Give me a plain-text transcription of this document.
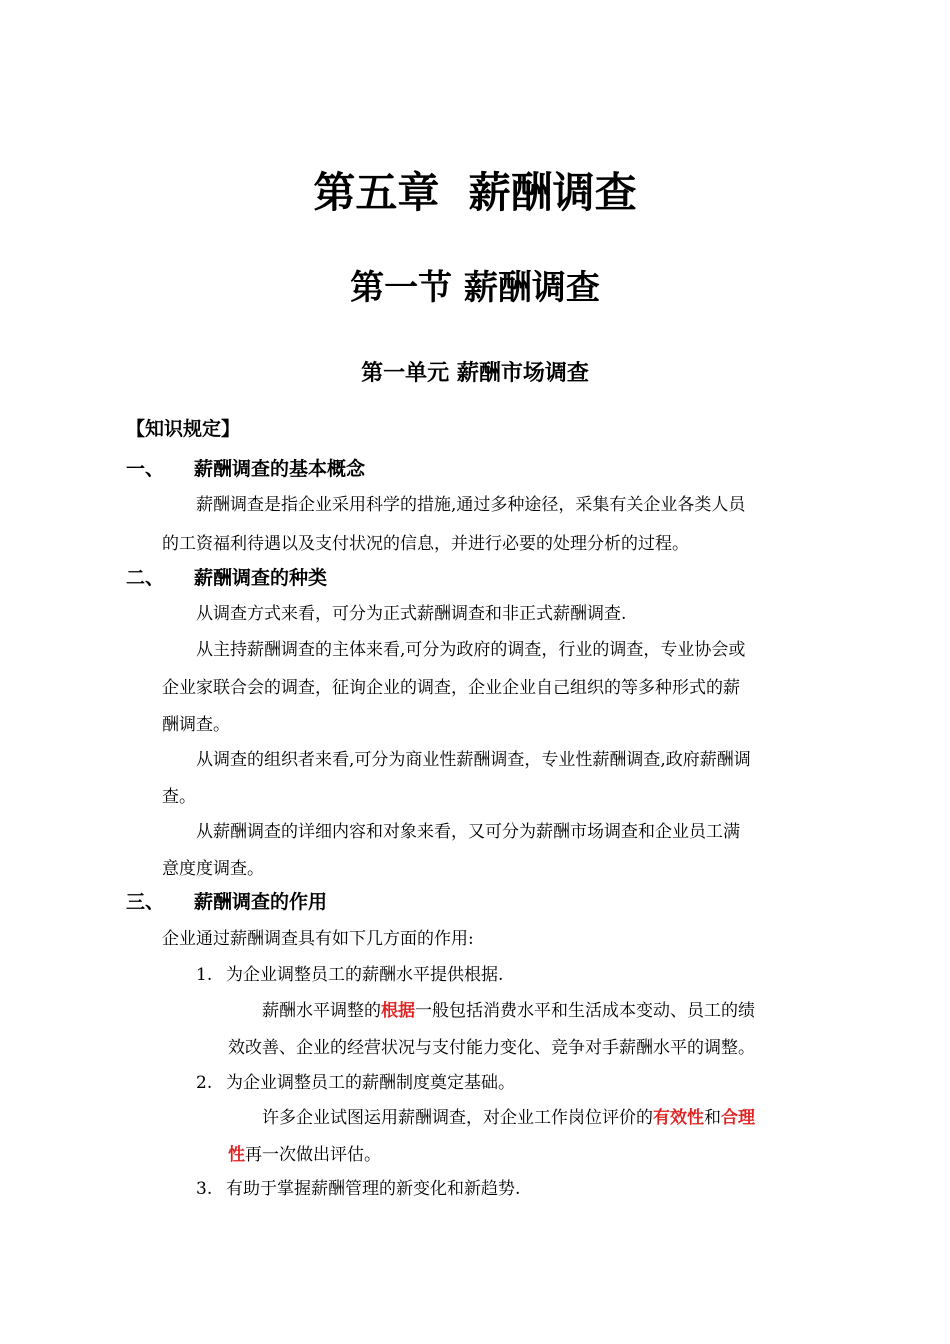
第五章  薪酬调查
第一节 薪酬调查
第一单元 薪酬市场调查
【知识规定】
一、 薪酬调查的基本概念
薪酬调查是指企业采用科学的措施,通过多种途径，采集有关企业各类人员
的工资福利待遇以及支付状况的信息，并进行必要的处理分析的过程。
二、 薪酬调查的种类
从调查方式来看，可分为正式薪酬调查和非正式薪酬调查.
从主持薪酬调查的主体来看,可分为政府的调查，行业的调查，专业协会或
企业家联合会的调查，征询企业的调查，企业企业自己组织的等多种形式的薪
酬调查。
从调查的组织者来看,可分为商业性薪酬调查，专业性薪酬调查,政府薪酬调
查。
从薪酬调查的详细内容和对象来看，又可分为薪酬市场调查和企业员工满
意度度调查。
三、 薪酬调查的作用
企业通过薪酬调查具有如下几方面的作用:
1. 为企业调整员工的薪酬水平提供根据.
薪酬水平调整的根据一般包括消费水平和生活成本变动、员工的绩
效改善、企业的经营状况与支付能力变化、竞争对手薪酬水平的调整。
2. 为企业调整员工的薪酬制度奠定基础。
许多企业试图运用薪酬调查，对企业工作岗位评价的有效性和合理
性再一次做出评估。
3. 有助于掌握薪酬管理的新变化和新趋势.
